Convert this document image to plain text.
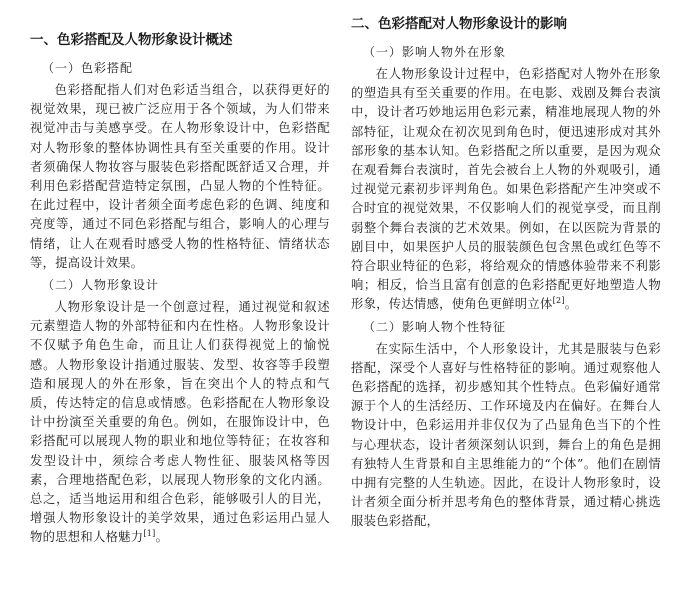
一、色彩搭配及人物形象设计概述
（一）色彩搭配

色彩搭配指人们对色彩适当组合，以获得更好的视觉效果，现已被广泛应用于各个领域，为人们带来视觉冲击与美感享受。在人物形象设计中，色彩搭配对人物形象的整体协调性具有至关重要的作用。设计者须确保人物妆容与服装色彩搭配既舒适又合理，并利用色彩搭配营造特定氛围，凸显人物的个性特征。在此过程中，设计者须全面考虑色彩的色调、纯度和亮度等，通过不同色彩搭配与组合，影响人的心理与情绪，让人在观看时感受人物的性格特征、情绪状态等，提高设计效果。

（二）人物形象设计

人物形象设计是一个创意过程，通过视觉和叙述元素塑造人物的外部特征和内在性格。人物形象设计不仅赋予角色生命，而且让人们获得视觉上的愉悦感。人物形象设计指通过服装、发型、妆容等手段塑造和展现人的外在形象，旨在突出个人的特点和气质，传达特定的信息或情感。色彩搭配在人物形象设计中扮演至关重要的角色。例如，在服饰设计中，色彩搭配可以展现人物的职业和地位等特征；在妆容和发型设计中，须综合考虑人物性征、服装风格等因素，合理地搭配色彩，以展现人物形象的文化内涵。总之，适当地运用和组合色彩，能够吸引人的目光，增强人物形象设计的美学效果，通过色彩运用凸显人物的思想和人格魅力[1]。

二、色彩搭配对人物形象设计的影响
（一）影响人物外在形象

在人物形象设计过程中，色彩搭配对人物外在形象的塑造具有至关重要的作用。在电影、戏剧及舞台表演中，设计者巧妙地运用色彩元素，精准地展现人物的外部特征，让观众在初次见到角色时，便迅速形成对其外部形象的基本认知。色彩搭配之所以重要，是因为观众在观看舞台表演时，首先会被台上人物的外观吸引，通过视觉元素初步评判角色。如果色彩搭配产生冲突或不合时宜的视觉效果，不仅影响人们的视觉享受，而且削弱整个舞台表演的艺术效果。例如，在以医院为背景的剧目中，如果医护人员的服装颜色包含黑色或红色等不符合职业特征的色彩，将给观众的情感体验带来不利影响；相反，恰当且富有创意的色彩搭配更好地塑造人物形象，传达情感，使角色更鲜明立体[2]。

（二）影响人物个性特征

在实际生活中，个人形象设计，尤其是服装与色彩搭配，深受个人喜好与性格特征的影响。通过观察他人色彩搭配的选择，初步感知其个性特点。色彩偏好通常源于个人的生活经历、工作环境及内在偏好。在舞台人物设计中，色彩运用并非仅仅为了凸显角色当下的个性与心理状态，设计者须深刻认识到，舞台上的角色是拥有独特人生背景和自主思维能力的“个体”。他们在剧情中拥有完整的人生轨迹。因此，在设计人物形象时，设计者须全面分析并思考角色的整体背景，通过精心挑选服装色彩搭配，
